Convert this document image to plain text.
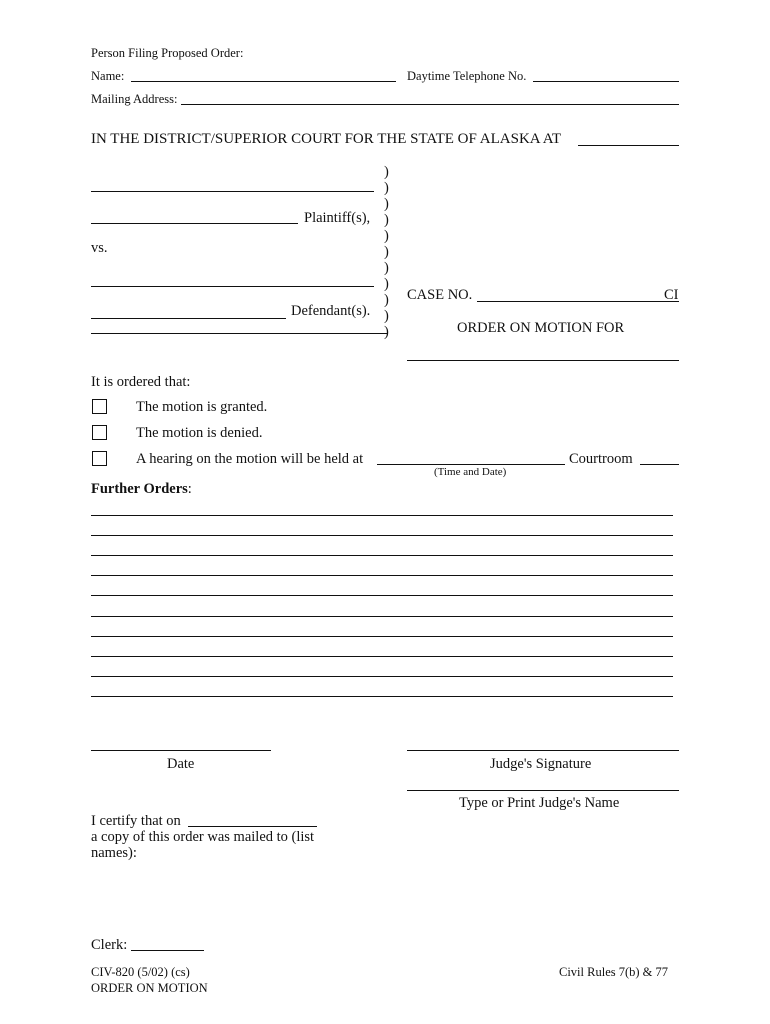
Person Filing Proposed Order:
Name:	Daytime Telephone No.
Mailing Address:
IN THE DISTRICT/SUPERIOR COURT FOR THE STATE OF ALASKA AT
)
)
)
)
)
)
)
)
)
)
)
Plaintiff(s),
vs.
Defendant(s).
CASE NO.	CI
ORDER ON MOTION FOR
It is ordered that:
The motion is granted.
The motion is denied.
A hearing on the motion will be held at	Courtroom
(Time and Date)
Further Orders:
Date	Judge's Signature
Type or Print Judge's Name
I certify that on
a copy of this order was mailed to (list
names):
Clerk:
CIV-820 (5/02) (cs)
ORDER ON MOTION
Civil Rules 7(b) & 77
